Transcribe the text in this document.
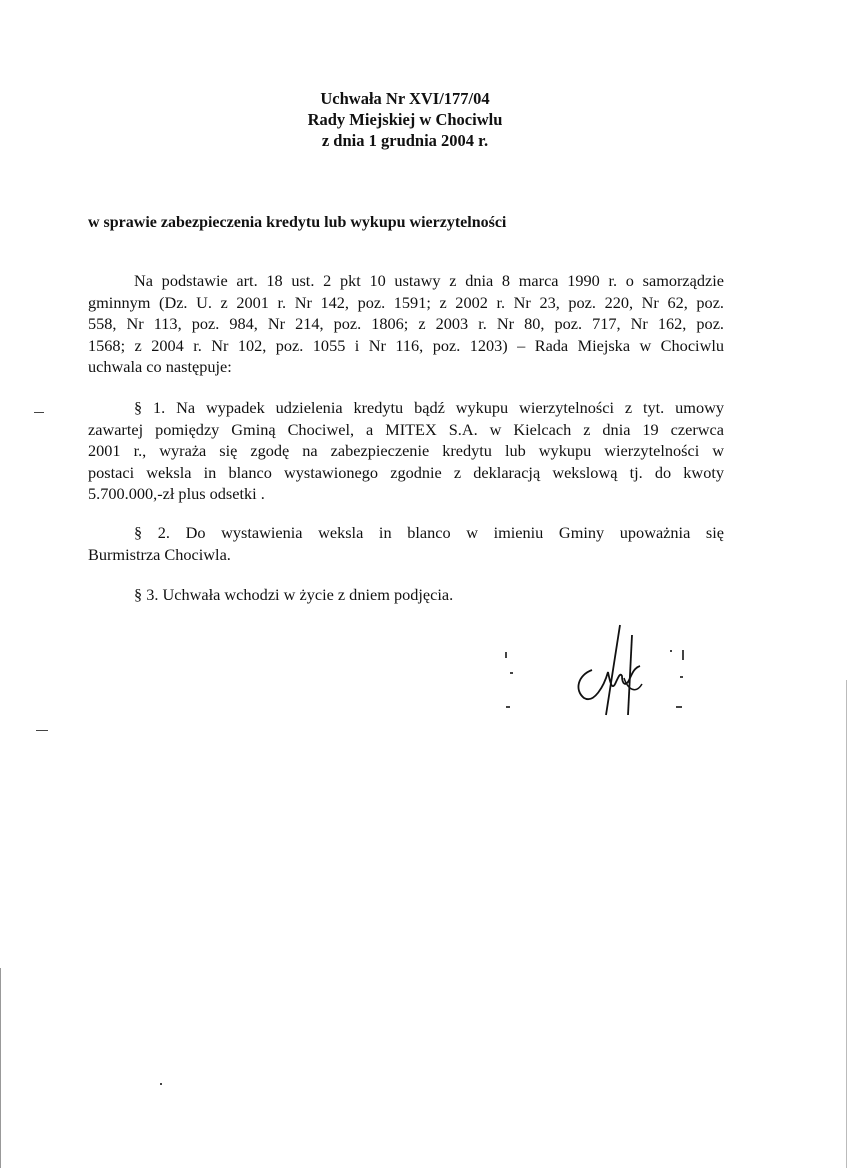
Uchwała Nr XVI/177/04
Rady Miejskiej w Chociwlu
z dnia 1 grudnia 2004 r.
w sprawie zabezpieczenia kredytu lub wykupu wierzytelności
Na podstawie art. 18 ust. 2 pkt 10 ustawy z dnia 8 marca 1990 r. o samorządzie
gminnym (Dz. U. z 2001 r. Nr 142, poz. 1591; z 2002 r. Nr 23, poz. 220, Nr 62, poz.
558, Nr 113, poz. 984, Nr 214, poz. 1806; z 2003 r. Nr 80, poz. 717, Nr 162, poz.
1568; z 2004 r. Nr 102, poz. 1055 i Nr 116, poz. 1203) – Rada Miejska w Chociwlu
uchwala co następuje:
§ 1. Na wypadek udzielenia kredytu bądź wykupu wierzytelności z tyt. umowy
zawartej pomiędzy Gminą Chociwel, a MITEX S.A. w Kielcach z dnia 19 czerwca
2001 r., wyraża się zgodę na zabezpieczenie kredytu lub wykupu wierzytelności w
postaci weksla in blanco wystawionego zgodnie z deklaracją wekslową tj. do kwoty
5.700.000,-zł plus odsetki .
§ 2. Do wystawienia weksla in blanco w imieniu Gminy upoważnia się
Burmistrza Chociwla.
§ 3. Uchwała wchodzi w życie z dniem podjęcia.
